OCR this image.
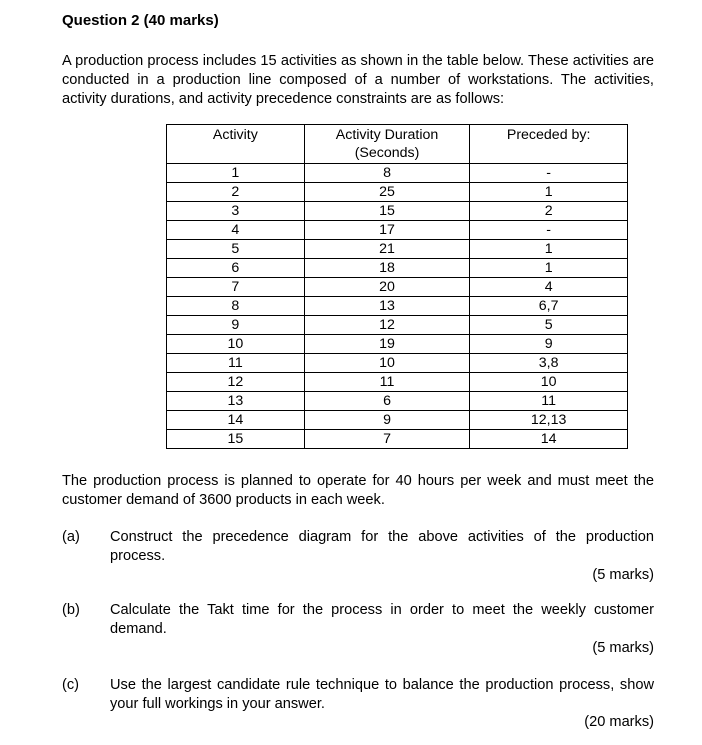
Question 2 (40 marks)
A production process includes 15 activities as shown in the table below. These activities are conducted in a production line composed of a number of workstations. The activities, activity durations, and activity precedence constraints are as follows:
Activity	Activity Duration (Seconds)	Preceded by:
1	8	-
2	25	1
3	15	2
4	17	-
5	21	1
6	18	1
7	20	4
8	13	6,7
9	12	5
10	19	9
11	10	3,8
12	11	10
13	6	11
14	9	12,13
15	7	14
The production process is planned to operate for 40 hours per week and must meet the customer demand of 3600 products in each week.
(a) Construct the precedence diagram for the above activities of the production process.
(5 marks)
(b) Calculate the Takt time for the process in order to meet the weekly customer demand.
(5 marks)
(c) Use the largest candidate rule technique to balance the production process, show your full workings in your answer.
(20 marks)
